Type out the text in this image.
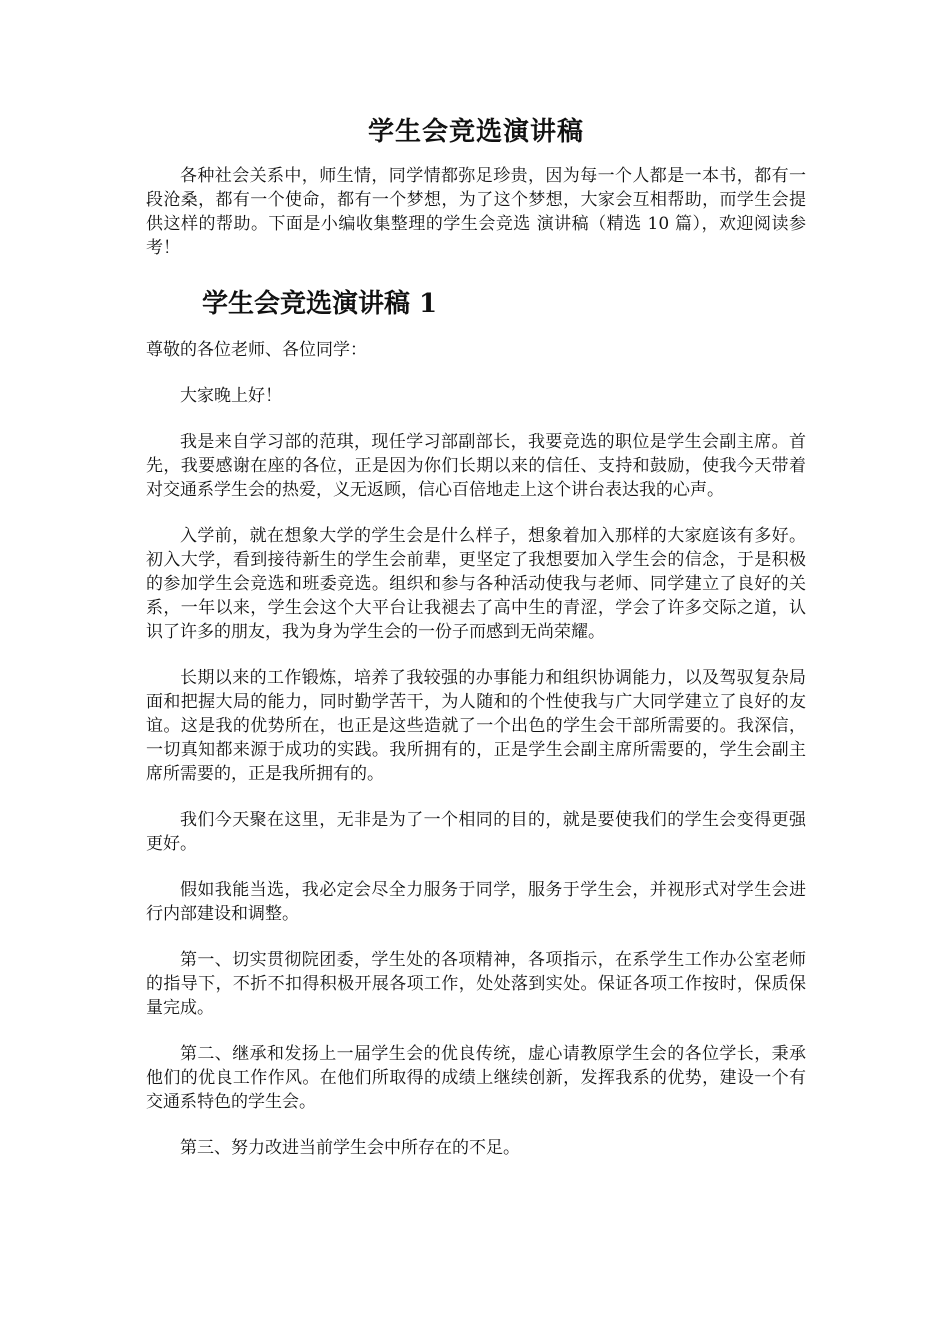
学生会竞选演讲稿

各种社会关系中，师生情，同学情都弥足珍贵，因为每一个人都是一本书，都有一段沧桑，都有一个使命，都有一个梦想，为了这个梦想，大家会互相帮助，而学生会提供这样的帮助。下面是小编收集整理的学生会竞选 演讲稿（精选 10 篇），欢迎阅读参考！

学生会竞选演讲稿 1

尊敬的各位老师、各位同学：

大家晚上好！

我是来自学习部的范琪，现任学习部副部长，我要竞选的职位是学生会副主席。首先，我要感谢在座的各位，正是因为你们长期以来的信任、支持和鼓励，使我今天带着对交通系学生会的热爱，义无返顾，信心百倍地走上这个讲台表达我的心声。

入学前，就在想象大学的学生会是什么样子，想象着加入那样的大家庭该有多好。初入大学，看到接待新生的学生会前辈，更坚定了我想要加入学生会的信念，于是积极的参加学生会竞选和班委竞选。组织和参与各种活动使我与老师、同学建立了良好的关系，一年以来，学生会这个大平台让我褪去了高中生的青涩，学会了许多交际之道，认识了许多的朋友，我为身为学生会的一份子而感到无尚荣耀。

长期以来的工作锻炼，培养了我较强的办事能力和组织协调能力，以及驾驭复杂局面和把握大局的能力，同时勤学苦干，为人随和的个性使我与广大同学建立了良好的友谊。这是我的优势所在，也正是这些造就了一个出色的学生会干部所需要的。我深信，一切真知都来源于成功的实践。我所拥有的，正是学生会副主席所需要的，学生会副主席所需要的，正是我所拥有的。

我们今天聚在这里，无非是为了一个相同的目的，就是要使我们的学生会变得更强更好。

假如我能当选，我必定会尽全力服务于同学，服务于学生会，并视形式对学生会进行内部建设和调整。

第一、切实贯彻院团委，学生处的各项精神，各项指示，在系学生工作办公室老师的指导下，不折不扣得积极开展各项工作，处处落到实处。保证各项工作按时，保质保量完成。

第二、继承和发扬上一届学生会的优良传统，虚心请教原学生会的各位学长，秉承他们的优良工作作风。在他们所取得的成绩上继续创新，发挥我系的优势，建设一个有交通系特色的学生会。

第三、努力改进当前学生会中所存在的不足。
